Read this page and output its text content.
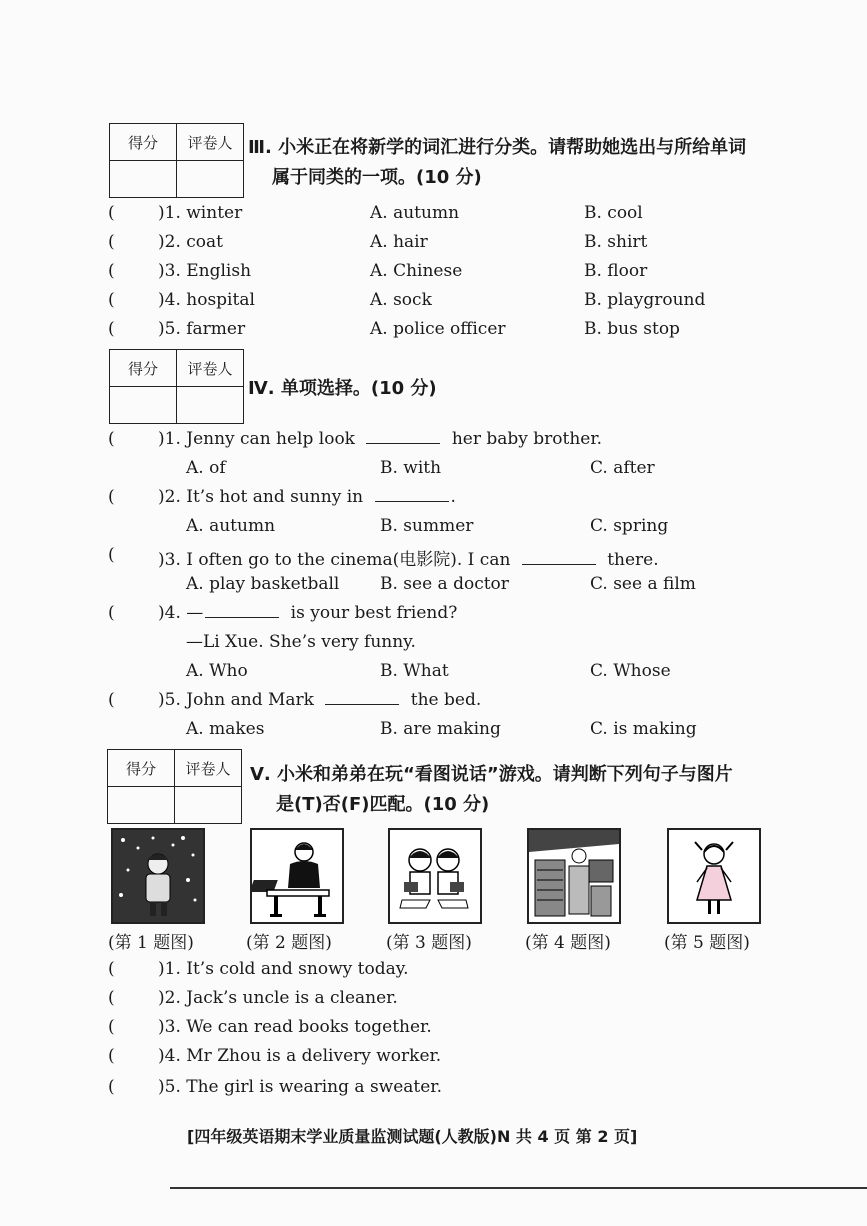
得分	评卷人
	Ⅲ. 小米正在将新学的词汇进行分类。请帮助她选出与所给单词
属于同类的一项。(10 分)
(	)1. winter	A. autumn	B. cool
(	)2. coat	A. hair	B. shirt
(	)3. English	A. Chinese	B. floor
(	)4. hospital	A. sock	B. playground
(	)5. farmer	A. police officer	B. bus stop
得分	评卷人

Ⅳ. 单项选择。(10 分)
(	)1. Jenny can help look	her baby brother.
A. of	B. with	C. after
(	)2. It’s hot and sunny in	.
A. autumn	B. summer	C. spring
(	)3. I often go to the cinema(电影院). I can	there.
A. play basketball B. see a doctor	C. see a film
(	)4. —	is your best friend?
—Li Xue. She’s very funny.
A. Who	B. What	C. Whose
(	)5. John and Mark	the bed.
A. makes	B. are making	C. is making
得分	评卷人
	Ⅴ. 小米和弟弟在玩“看图说话”游戏。请判断下列句子与图片
是(T)否(F)匹配。(10 分)
(第 1 题图)	(第 2 题图)	(第 3 题图)	(第 4 题图)	(第 5 题图)
(	)1. It’s cold and snowy today.
(	)2. Jack’s uncle is a cleaner.
(	)3. We can read books together.
(	)4. Mr Zhou is a delivery worker.
(	)5. The girl is wearing a sweater.
[四年级英语期末学业质量监测试题(人教版)N 共 4 页 第 2 页]
